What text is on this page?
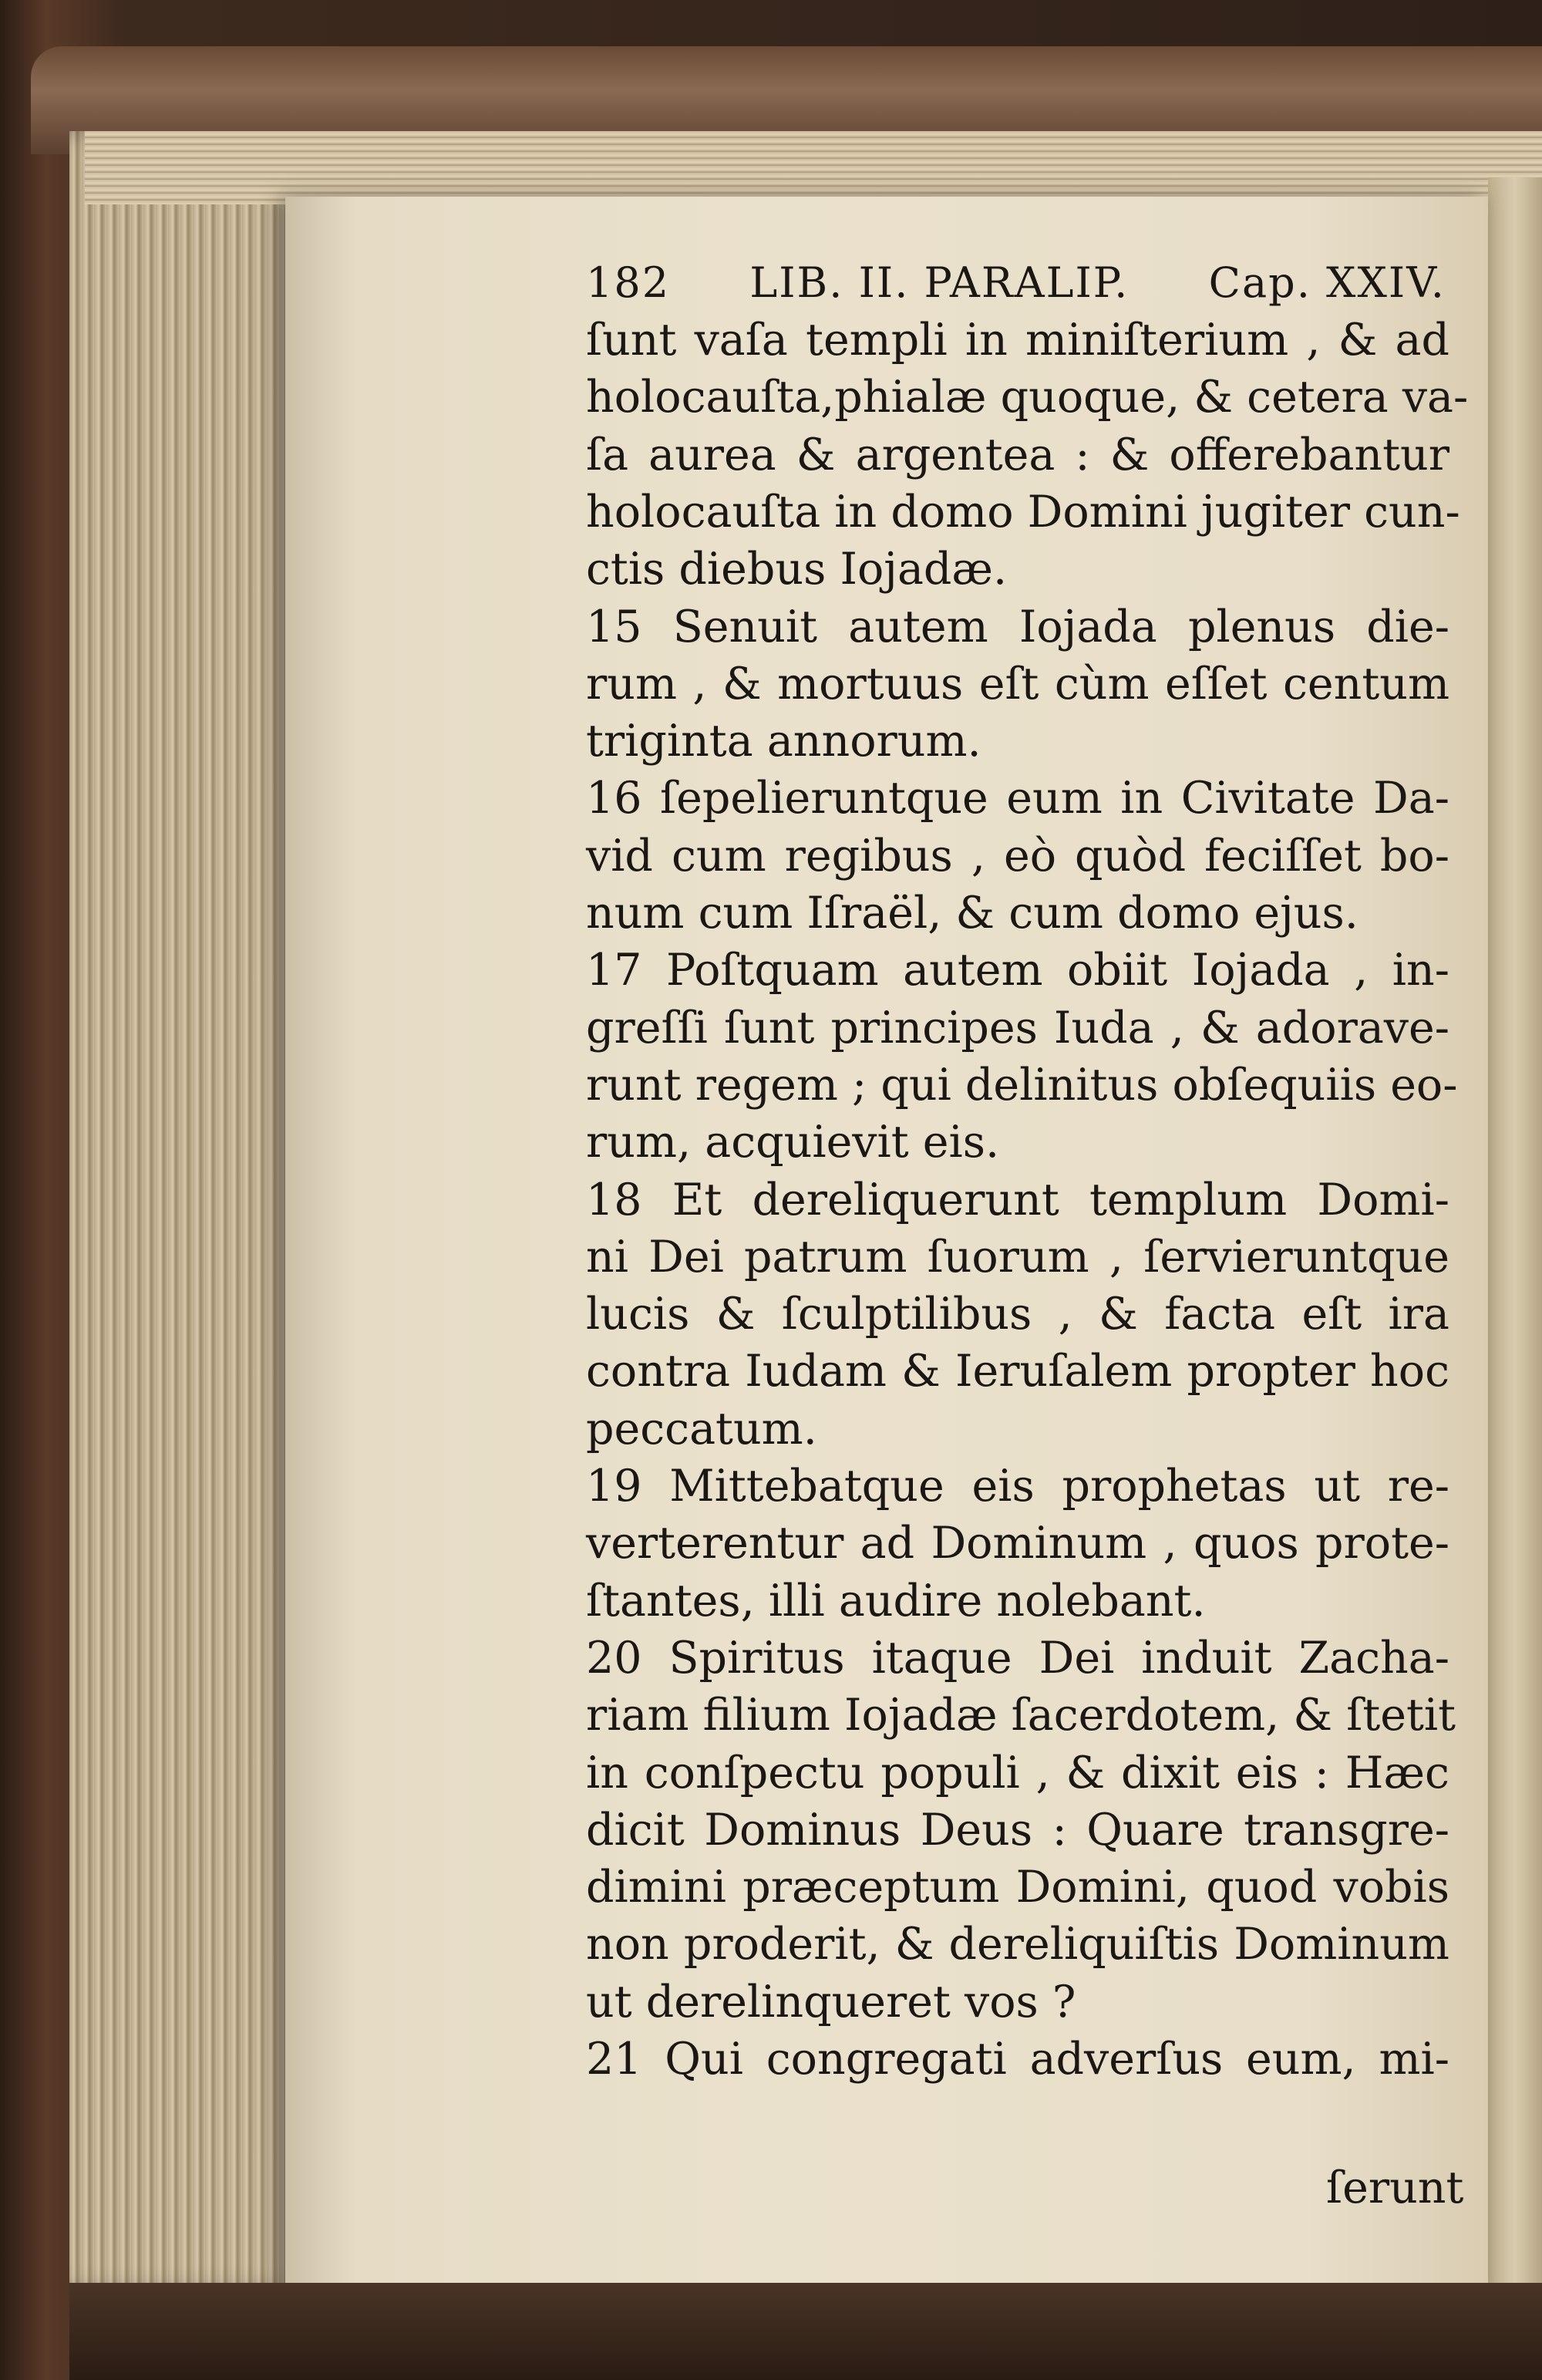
182 LIB. II. PARALIP. Cap. XXIV.
ſunt vaſa templi in miniſterium , & ad
holocauſta,phialæ quoque, & cetera va-
ſa aurea & argentea : & offerebantur
holocauſta in domo Domini jugiter cun-
ctis diebus Iojadæ.
15 Senuit autem Iojada plenus die-
rum , & mortuus eſt cùm eſſet centum
triginta annorum.
16 ſepelieruntque eum in Civitate Da-
vid cum regibus , eò quòd feciſſet bo-
num cum Iſraël, & cum domo ejus.
17 Poſtquam autem obiit Iojada , in-
greſſi ſunt principes Iuda , & adorave-
runt regem ; qui delinitus obſequiis eo-
rum, acquievit eis.
18 Et dereliquerunt templum Domi-
ni Dei patrum ſuorum , ſervieruntque
lucis & ſculptilibus , & facta eſt ira
contra Iudam & Ieruſalem propter hoc
peccatum.
19 Mittebatque eis prophetas ut re-
verterentur ad Dominum , quos prote-
ſtantes, illi audire nolebant.
20 Spiritus itaque Dei induit Zacha-
riam filium Iojadæ ſacerdotem, & ſtetit
in conſpectu populi , & dixit eis : Hæc
dicit Dominus Deus : Quare transgre-
dimini præceptum Domini, quod vobis
non proderit, & dereliquiſtis Dominum
ut derelinqueret vos ?
21 Qui congregati adverſus eum, mi-
ſerunt
